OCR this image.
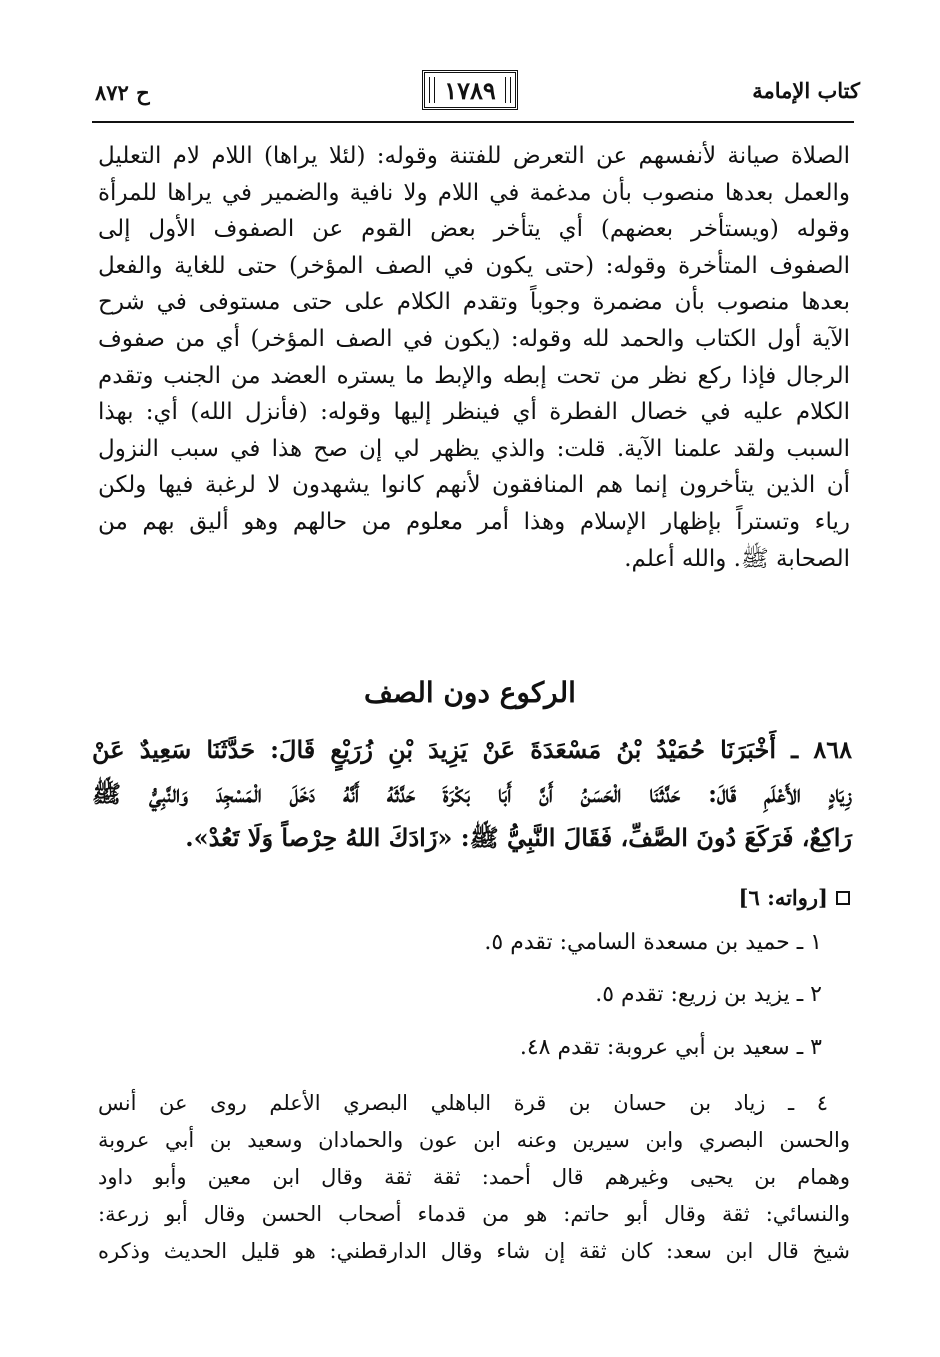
كتاب الإمامة
١٧٨٩
ح ٨٧٢
الصلاة صيانة لأنفسهم عن التعرض للفتنة وقوله: (لئلا يراها) اللام لام التعليل
والعمل بعدها منصوب بأن مدغمة في اللام ولا نافية والضمير في يراها للمرأة
وقوله (ويستأخر بعضهم) أي يتأخر بعض القوم عن الصفوف الأول إلى
الصفوف المتأخرة وقوله: (حتى يكون في الصف المؤخر) حتى للغاية والفعل
بعدها منصوب بأن مضمرة وجوباً وتقدم الكلام على حتى مستوفى في شرح
الآية أول الكتاب والحمد لله وقوله: (يكون في الصف المؤخر) أي من صفوف
الرجال فإذا ركع نظر من تحت إبطه والإبط ما يستره العضد من الجنب وتقدم
الكلام عليه في خصال الفطرة أي فينظر إليها وقوله: (فأنزل الله) أي: بهذا
السبب ولقد علمنا الآية. قلت: والذي يظهر لي إن صح هذا في سبب النزول
أن الذين يتأخرون إنما هم المنافقون لأنهم كانوا يشهدون لا لرغبة فيها ولكن
رياء وتستراً بإظهار الإسلام وهذا أمر معلوم من حالهم وهو أليق بهم من
الصحابة ﷺ. والله أعلم.
الركوع دون الصف
٨٦٨ ـ أَخْبَرَنَا حُمَيْدُ بْنُ مَسْعَدَةَ عَنْ يَزِيدَ بْنِ زُرَيْعٍ قَالَ: حَدَّثَنَا سَعِيدٌ عَنْ
زِيَادٍ الأَعْلَمِ قَالَ: حَدَّثَنَا الْحَسَنُ أَنَّ أَبَا بَكْرَةَ حَدَّثَهُ أَنَّهُ دَخَلَ الْمَسْجِدَ وَالنَّبِيُّ ﷺ
رَاكِعٌ، فَرَكَعَ دُونَ الصَّفِّ، فَقَالَ النَّبِيُّ ﷺ: «زَادَكَ اللهُ حِرْصاً وَلَا تَعُدْ».
[رواته: ٦]
١ ـ حميد بن مسعدة السامي: تقدم ٥.
٢ ـ يزيد بن زريع: تقدم ٥.
٣ ـ سعيد بن أبي عروبة: تقدم ٤٨.
٤ ـ زياد بن حسان بن قرة الباهلي البصري الأعلم روى عن أنس
والحسن البصري وابن سيرين وعنه ابن عون والحمادان وسعيد بن أبي عروبة
وهمام بن يحيى وغيرهم قال أحمد: ثقة ثقة وقال ابن معين وأبو داود
والنسائي: ثقة وقال أبو حاتم: هو من قدماء أصحاب الحسن وقال أبو زرعة:
شيخ قال ابن سعد: كان ثقة إن شاء وقال الدارقطني: هو قليل الحديث وذكره
